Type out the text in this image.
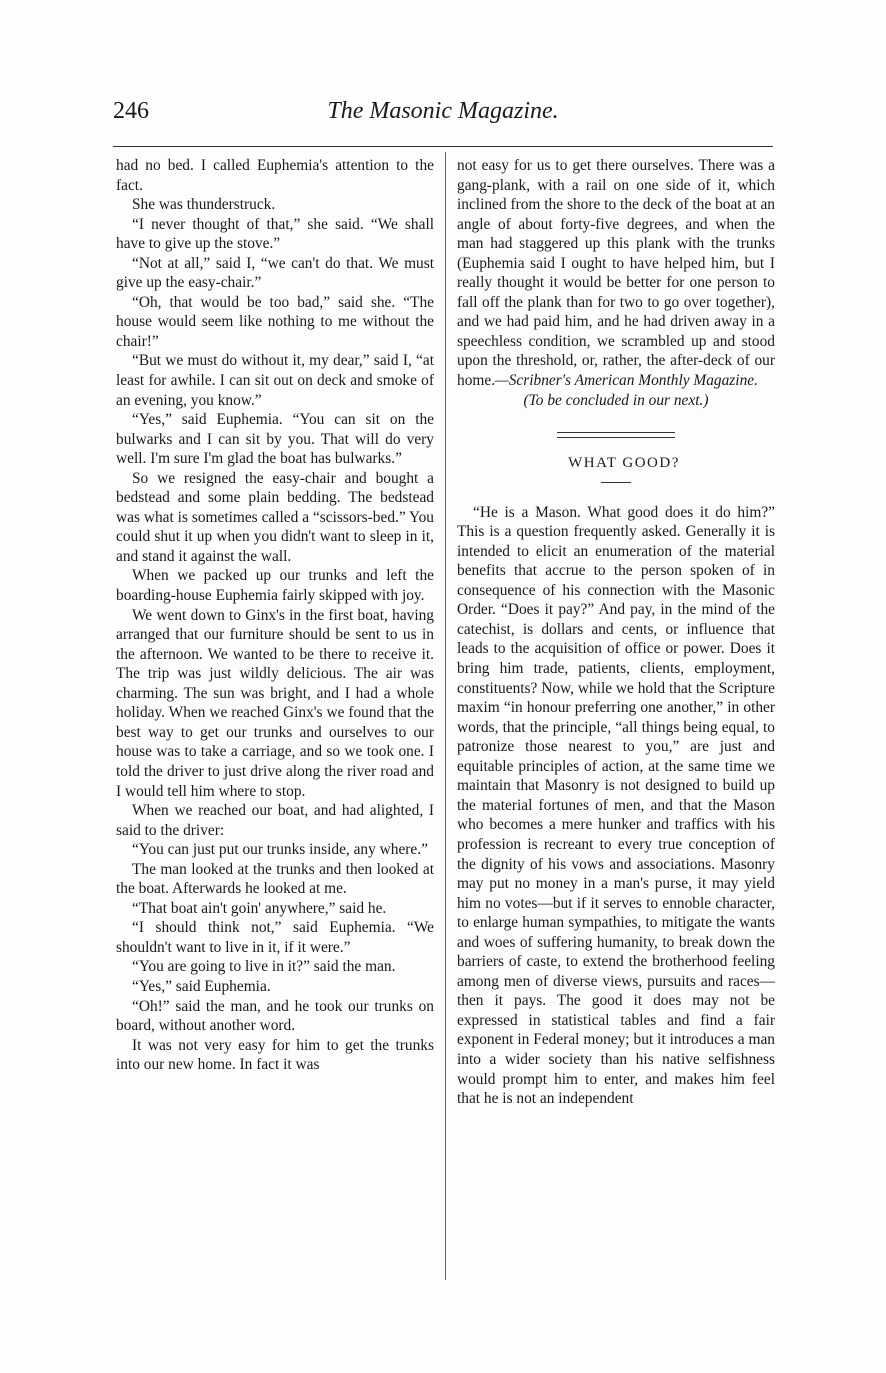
246	The Masonic Magazine.

had no bed. I called Euphemia's attention to the fact.

She was thunderstruck.

“I never thought of that,” she said. “We shall have to give up the stove.”

“Not at all,” said I, “we can't do that. We must give up the easy-chair.”

“Oh, that would be too bad,” said she. “The house would seem like nothing to me without the chair!”

“But we must do without it, my dear,” said I, “at least for awhile. I can sit out on deck and smoke of an evening, you know.”

“Yes,” said Euphemia. “You can sit on the bulwarks and I can sit by you. That will do very well. I'm sure I'm glad the boat has bulwarks.”

So we resigned the easy-chair and bought a bedstead and some plain bedding. The bedstead was what is sometimes called a “scissors-bed.” You could shut it up when you didn't want to sleep in it, and stand it against the wall.

When we packed up our trunks and left the boarding-house Euphemia fairly skipped with joy.

We went down to Ginx's in the first boat, having arranged that our furniture should be sent to us in the afternoon. We wanted to be there to receive it. The trip was just wildly delicious. The air was charming. The sun was bright, and I had a whole holiday. When we reached Ginx's we found that the best way to get our trunks and ourselves to our house was to take a carriage, and so we took one. I told the driver to just drive along the river road and I would tell him where to stop.

When we reached our boat, and had alighted, I said to the driver:

“You can just put our trunks inside, any where.”

The man looked at the trunks and then looked at the boat. Afterwards he looked at me.

“That boat ain't goin' anywhere,” said he.

“I should think not,” said Euphemia. “We shouldn't want to live in it, if it were.”

“You are going to live in it?” said the man.

“Yes,” said Euphemia.

“Oh!” said the man, and he took our trunks on board, without another word.

It was not very easy for him to get the trunks into our new home. In fact it was

not easy for us to get there ourselves. There was a gang-plank, with a rail on one side of it, which inclined from the shore to the deck of the boat at an angle of about forty-five degrees, and when the man had staggered up this plank with the trunks (Euphemia said I ought to have helped him, but I really thought it would be better for one person to fall off the plank than for two to go over together), and we had paid him, and he had driven away in a speechless condition, we scrambled up and stood upon the threshold, or, rather, the after-deck of our home.—Scribner's American Monthly Magazine.

(To be concluded in our next.)

WHAT GOOD?

“He is a Mason. What good does it do him?” This is a question frequently asked. Generally it is intended to elicit an enumeration of the material benefits that accrue to the person spoken of in consequence of his connection with the Masonic Order. “Does it pay?” And pay, in the mind of the catechist, is dollars and cents, or influence that leads to the acquisition of office or power. Does it bring him trade, patients, clients, employment, constituents? Now, while we hold that the Scripture maxim “in honour preferring one another,” in other words, that the principle, “all things being equal, to patronize those nearest to you,” are just and equitable principles of action, at the same time we maintain that Masonry is not designed to build up the material fortunes of men, and that the Mason who becomes a mere hunker and traffics with his profession is recreant to every true conception of the dignity of his vows and associations. Masonry may put no money in a man's purse, it may yield him no votes—but if it serves to ennoble character, to enlarge human sympathies, to mitigate the wants and woes of suffering humanity, to break down the barriers of caste, to extend the brotherhood feeling among men of diverse views, pursuits and races—then it pays. The good it does may not be expressed in statistical tables and find a fair exponent in Federal money; but it introduces a man into a wider society than his native selfishness would prompt him to enter, and makes him feel that he is not an independent
